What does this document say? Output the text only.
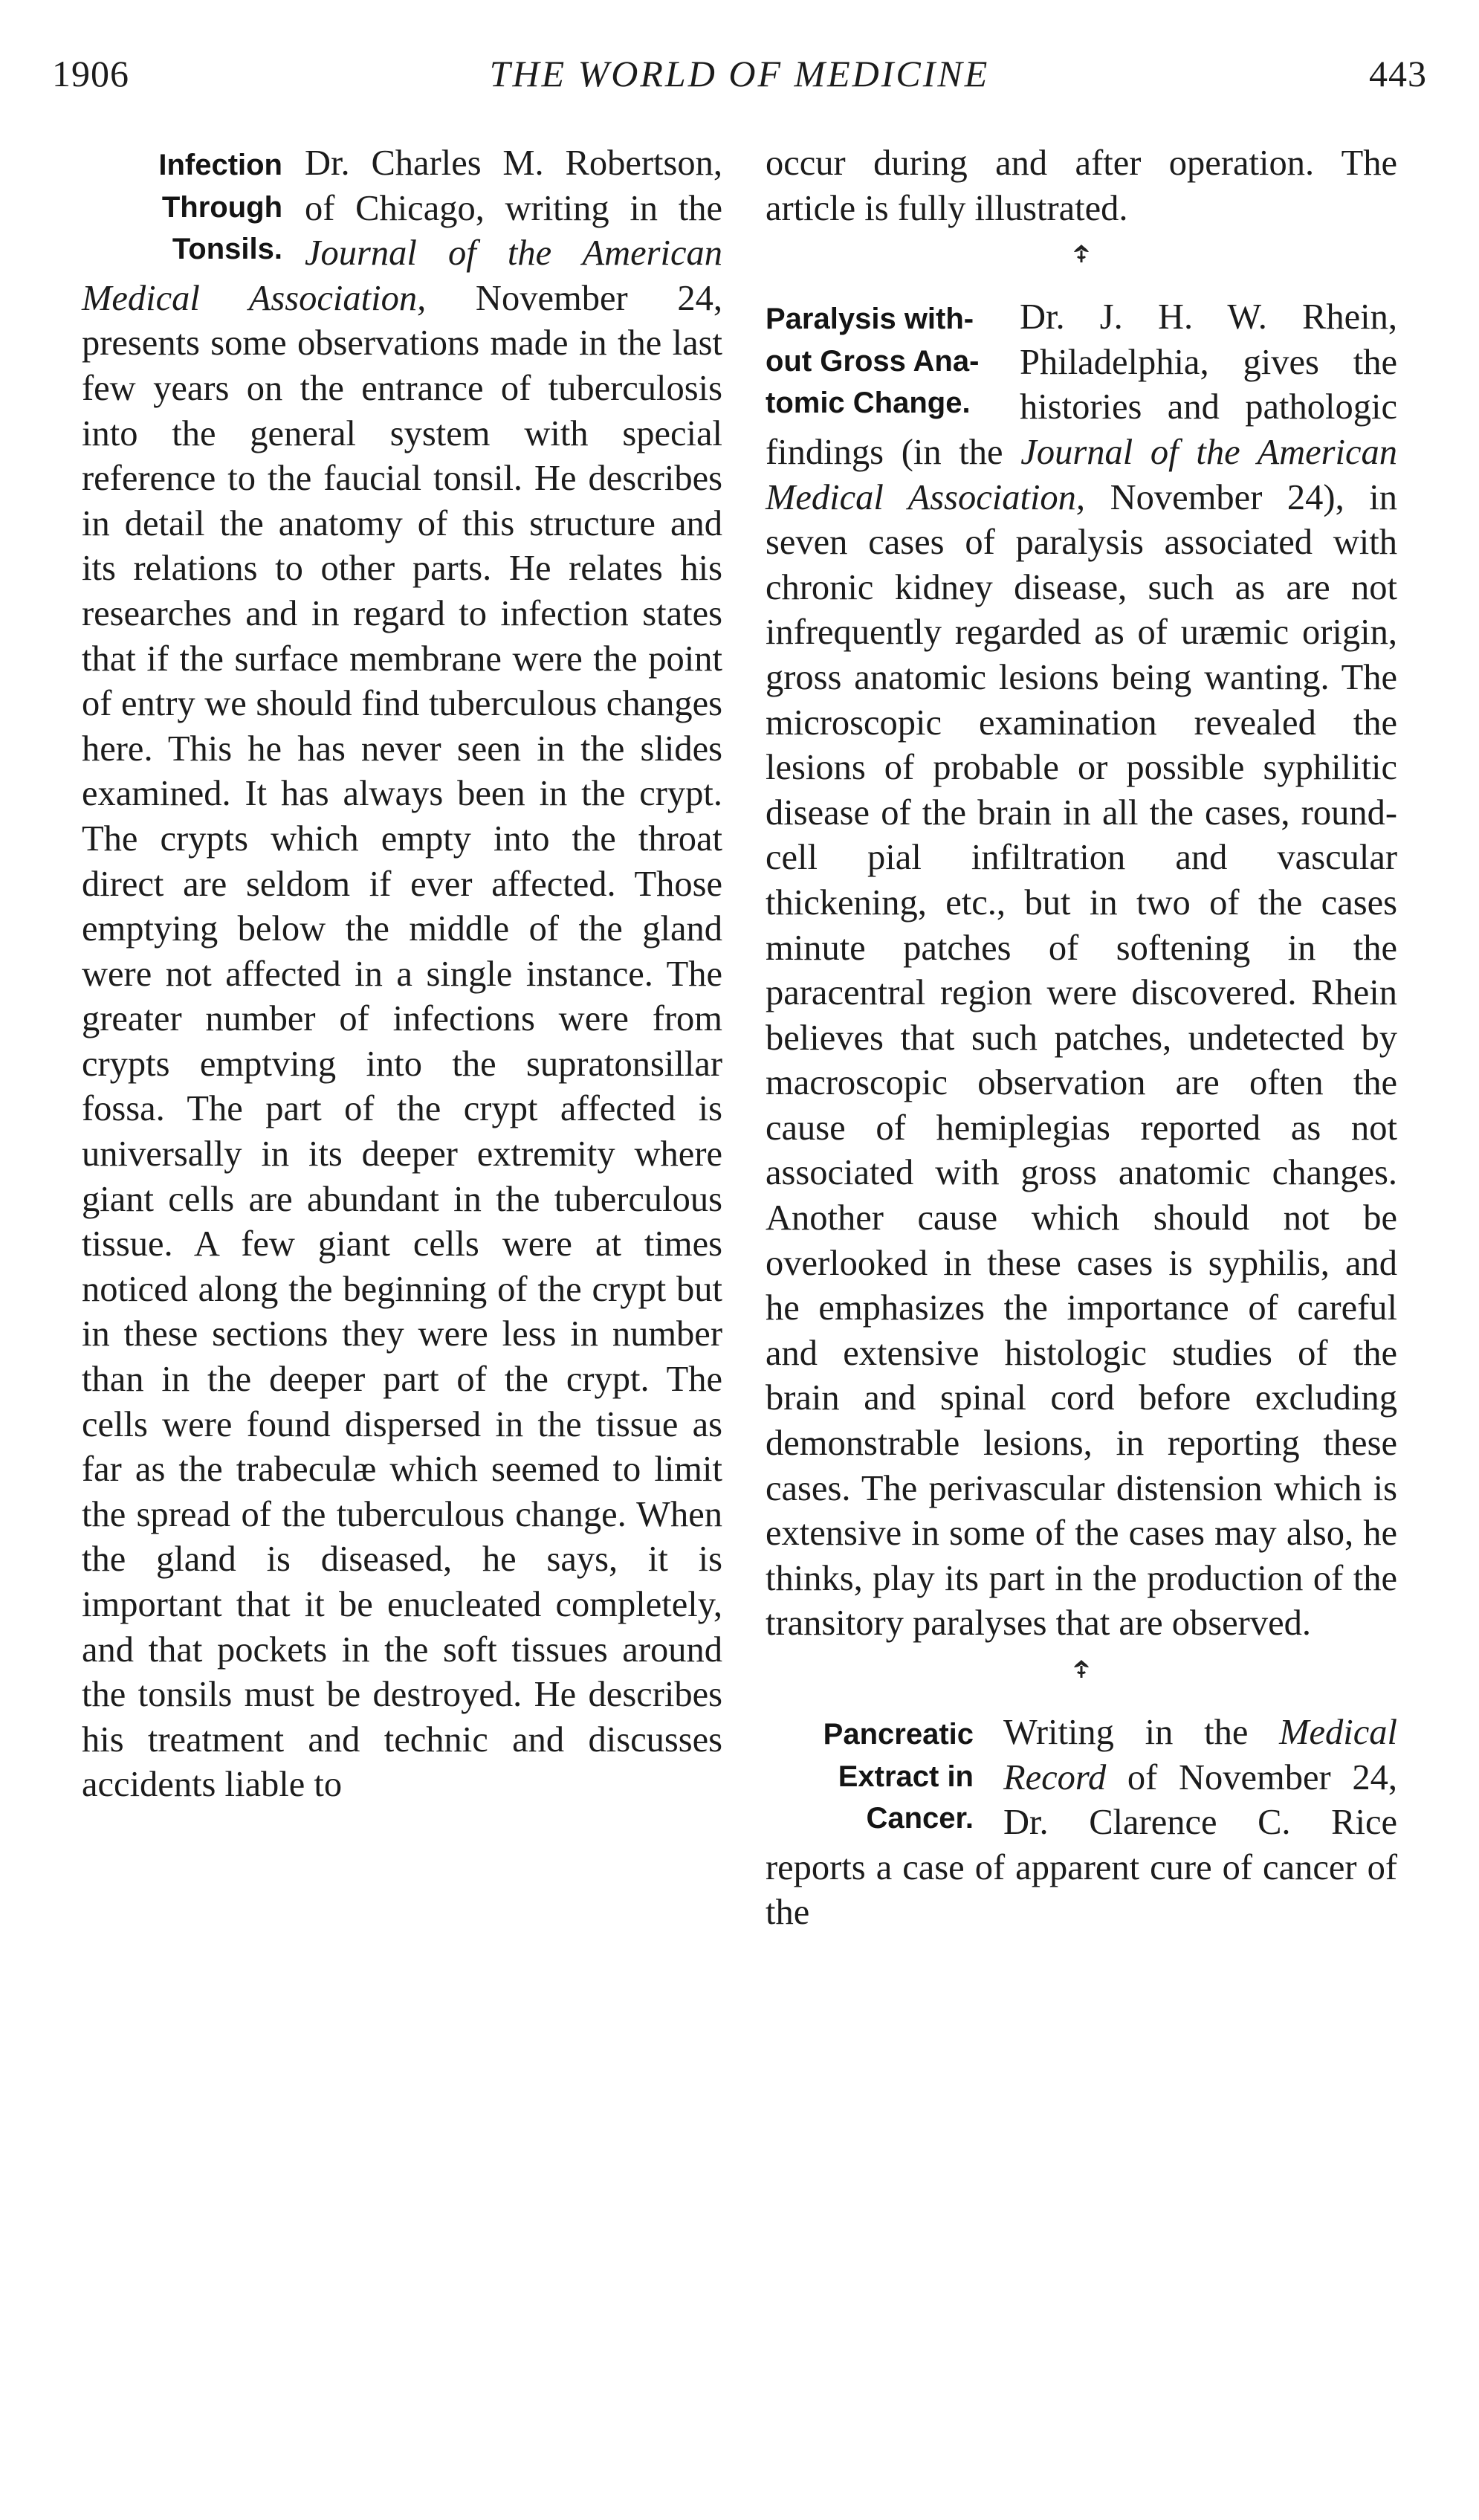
1906	THE WORLD OF MEDICINE	443
Infection
Through
Tonsils.

Dr. Charles M. Robertson, of Chicago, writing in the Journal of the American Medical Association, November 24, presents some observations made in the last few years on the entrance of tuberculosis into the general system with special reference to the faucial tonsil. He describes in detail the anatomy of this structure and its relations to other parts. He relates his researches and in regard to infection states that if the surface membrane were the point of entry we should find tuberculous changes here. This he has never seen in the slides examined. It has always been in the crypt. The crypts which empty into the throat direct are seldom if ever affected. Those emptying below the middle of the gland were not affected in a single instance. The greater number of infections were from crypts emptving into the supratonsillar fossa. The part of the crypt affected is universally in its deeper extremity where giant cells are abundant in the tuberculous tissue. A few giant cells were at times noticed along the beginning of the crypt but in these sections they were less in number than in the deeper part of the crypt. The cells were found dispersed in the tissue as far as the trabeculæ which seemed to limit the spread of the tuberculous change. When the gland is diseased, he says, it is important that it be enucleated completely, and that pockets in the soft tissues around the tonsils must be destroyed. He describes his treatment and technic and discusses accidents liable to

occur during and after operation. The article is fully illustrated.

Paralysis with-
out Gross Ana-
tomic Change.

Dr. J. H. W. Rhein, Philadelphia, gives the histories and pathologic findings (in the Journal of the American Medical Association, November 24), in seven cases of paralysis associated with chronic kidney disease, such as are not infrequently regarded as of uræmic origin, gross anatomic lesions being wanting. The microscopic examination revealed the lesions of probable or possible syphilitic disease of the brain in all the cases, round-cell pial infiltration and vascular thickening, etc., but in two of the cases minute patches of softening in the paracentral region were discovered. Rhein believes that such patches, undetected by macroscopic observation are often the cause of hemiplegias reported as not associated with gross anatomic changes. Another cause which should not be overlooked in these cases is syphilis, and he emphasizes the importance of careful and extensive histologic studies of the brain and spinal cord before excluding demonstrable lesions, in reporting these cases. The perivascular distension which is extensive in some of the cases may also, he thinks, play its part in the production of the transitory paralyses that are observed.

Pancreatic
Extract in
Cancer.

Writing in the Medical Record of November 24, Dr. Clarence C. Rice reports a case of apparent cure of cancer of the
